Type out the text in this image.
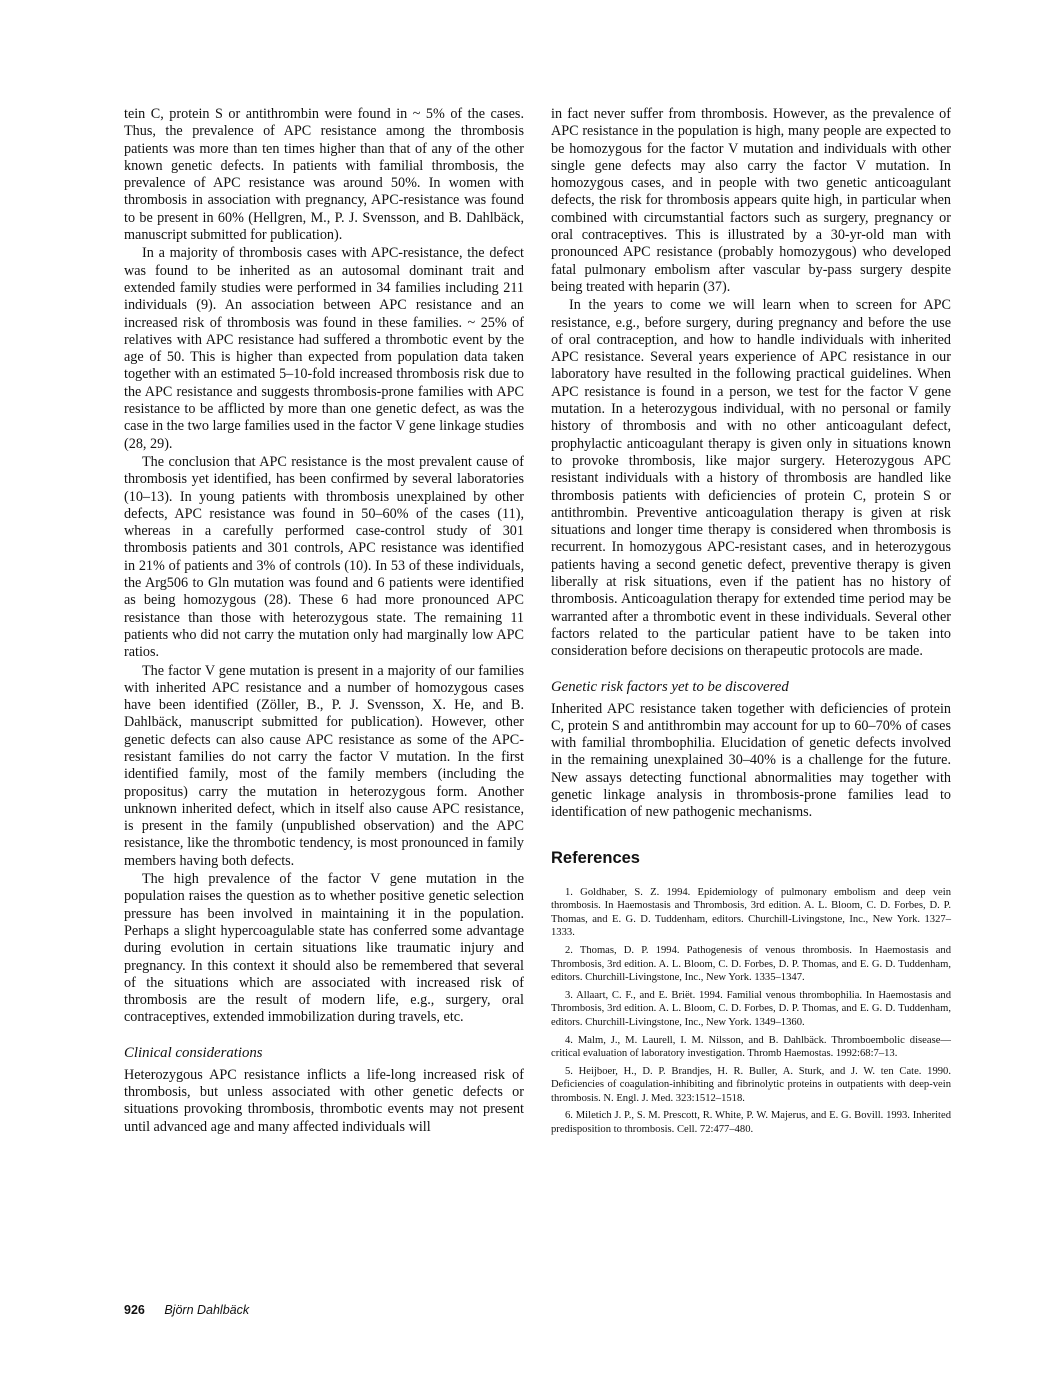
tein C, protein S or antithrombin were found in ~ 5% of the cases. Thus, the prevalence of APC resistance among the thrombosis patients was more than ten times higher than that of any of the other known genetic defects. In patients with familial thrombosis, the prevalence of APC resistance was around 50%. In women with thrombosis in association with pregnancy, APC-resistance was found to be present in 60% (Hellgren, M., P. J. Svensson, and B. Dahlbäck, manuscript submitted for publication).

In a majority of thrombosis cases with APC-resistance, the defect was found to be inherited as an autosomal dominant trait and extended family studies were performed in 34 families including 211 individuals (9). An association between APC resistance and an increased risk of thrombosis was found in these families. ~ 25% of relatives with APC resistance had suffered a thrombotic event by the age of 50. This is higher than expected from population data taken together with an estimated 5–10-fold increased thrombosis risk due to the APC resistance and suggests thrombosis-prone families with APC resistance to be afflicted by more than one genetic defect, as was the case in the two large families used in the factor V gene linkage studies (28, 29).

The conclusion that APC resistance is the most prevalent cause of thrombosis yet identified, has been confirmed by several laboratories (10–13). In young patients with thrombosis unexplained by other defects, APC resistance was found in 50–60% of the cases (11), whereas in a carefully performed case-control study of 301 thrombosis patients and 301 controls, APC resistance was identified in 21% of patients and 3% of controls (10). In 53 of these individuals, the Arg506 to Gln mutation was found and 6 patients were identified as being homozygous (28). These 6 had more pronounced APC resistance than those with heterozygous state. The remaining 11 patients who did not carry the mutation only had marginally low APC ratios.

The factor V gene mutation is present in a majority of our families with inherited APC resistance and a number of homozygous cases have been identified (Zöller, B., P. J. Svensson, X. He, and B. Dahlbäck, manuscript submitted for publication). However, other genetic defects can also cause APC resistance as some of the APC-resistant families do not carry the factor V mutation. In the first identified family, most of the family members (including the propositus) carry the mutation in heterozygous form. Another unknown inherited defect, which in itself also cause APC resistance, is present in the family (unpublished observation) and the APC resistance, like the thrombotic tendency, is most pronounced in family members having both defects.

The high prevalence of the factor V gene mutation in the population raises the question as to whether positive genetic selection pressure has been involved in maintaining it in the population. Perhaps a slight hypercoagulable state has conferred some advantage during evolution in certain situations like traumatic injury and pregnancy. In this context it should also be remembered that several of the situations which are associated with increased risk of thrombosis are the result of modern life, e.g., surgery, oral contraceptives, extended immobilization during travels, etc.

Clinical considerations

Heterozygous APC resistance inflicts a life-long increased risk of thrombosis, but unless associated with other genetic defects or situations provoking thrombosis, thrombotic events may not present until advanced age and many affected individuals will

in fact never suffer from thrombosis. However, as the prevalence of APC resistance in the population is high, many people are expected to be homozygous for the factor V mutation and individuals with other single gene defects may also carry the factor V mutation. In homozygous cases, and in people with two genetic anticoagulant defects, the risk for thrombosis appears quite high, in particular when combined with circumstantial factors such as surgery, pregnancy or oral contraceptives. This is illustrated by a 30-yr-old man with pronounced APC resistance (probably homozygous) who developed fatal pulmonary embolism after vascular by-pass surgery despite being treated with heparin (37).

In the years to come we will learn when to screen for APC resistance, e.g., before surgery, during pregnancy and before the use of oral contraception, and how to handle individuals with inherited APC resistance. Several years experience of APC resistance in our laboratory have resulted in the following practical guidelines. When APC resistance is found in a person, we test for the factor V gene mutation. In a heterozygous individual, with no personal or family history of thrombosis and with no other anticoagulant defect, prophylactic anticoagulant therapy is given only in situations known to provoke thrombosis, like major surgery. Heterozygous APC resistant individuals with a history of thrombosis are handled like thrombosis patients with deficiencies of protein C, protein S or antithrombin. Preventive anticoagulation therapy is given at risk situations and longer time therapy is considered when thrombosis is recurrent. In homozygous APC-resistant cases, and in heterozygous patients having a second genetic defect, preventive therapy is given liberally at risk situations, even if the patient has no history of thrombosis. Anticoagulation therapy for extended time period may be warranted after a thrombotic event in these individuals. Several other factors related to the particular patient have to be taken into consideration before decisions on therapeutic protocols are made.

Genetic risk factors yet to be discovered

Inherited APC resistance taken together with deficiencies of protein C, protein S and antithrombin may account for up to 60–70% of cases with familial thrombophilia. Elucidation of genetic defects involved in the remaining unexplained 30–40% is a challenge for the future. New assays detecting functional abnormalities may together with genetic linkage analysis in thrombosis-prone families lead to identification of new pathogenic mechanisms.

References
1. Goldhaber, S. Z. 1994. Epidemiology of pulmonary embolism and deep vein thrombosis. In Haemostasis and Thrombosis, 3rd edition. A. L. Bloom, C. D. Forbes, D. P. Thomas, and E. G. D. Tuddenham, editors. Churchill-Livingstone, Inc., New York. 1327–1333.
2. Thomas, D. P. 1994. Pathogenesis of venous thrombosis. In Haemostasis and Thrombosis, 3rd edition. A. L. Bloom, C. D. Forbes, D. P. Thomas, and E. G. D. Tuddenham, editors. Churchill-Livingstone, Inc., New York. 1335–1347.
3. Allaart, C. F., and E. Briët. 1994. Familial venous thrombophilia. In Haemostasis and Thrombosis, 3rd edition. A. L. Bloom, C. D. Forbes, D. P. Thomas, and E. G. D. Tuddenham, editors. Churchill-Livingstone, Inc., New York. 1349–1360.
4. Malm, J., M. Laurell, I. M. Nilsson, and B. Dahlbäck. Thromboembolic disease—critical evaluation of laboratory investigation. Thromb Haemostas. 1992:68:7–13.
5. Heijboer, H., D. P. Brandjes, H. R. Buller, A. Sturk, and J. W. ten Cate. 1990. Deficiencies of coagulation-inhibiting and fibrinolytic proteins in outpatients with deep-vein thrombosis. N. Engl. J. Med. 323:1512–1518.
6. Miletich J. P., S. M. Prescott, R. White, P. W. Majerus, and E. G. Bovill. 1993. Inherited predisposition to thrombosis. Cell. 72:477–480.
926 Björn Dahlbäck
